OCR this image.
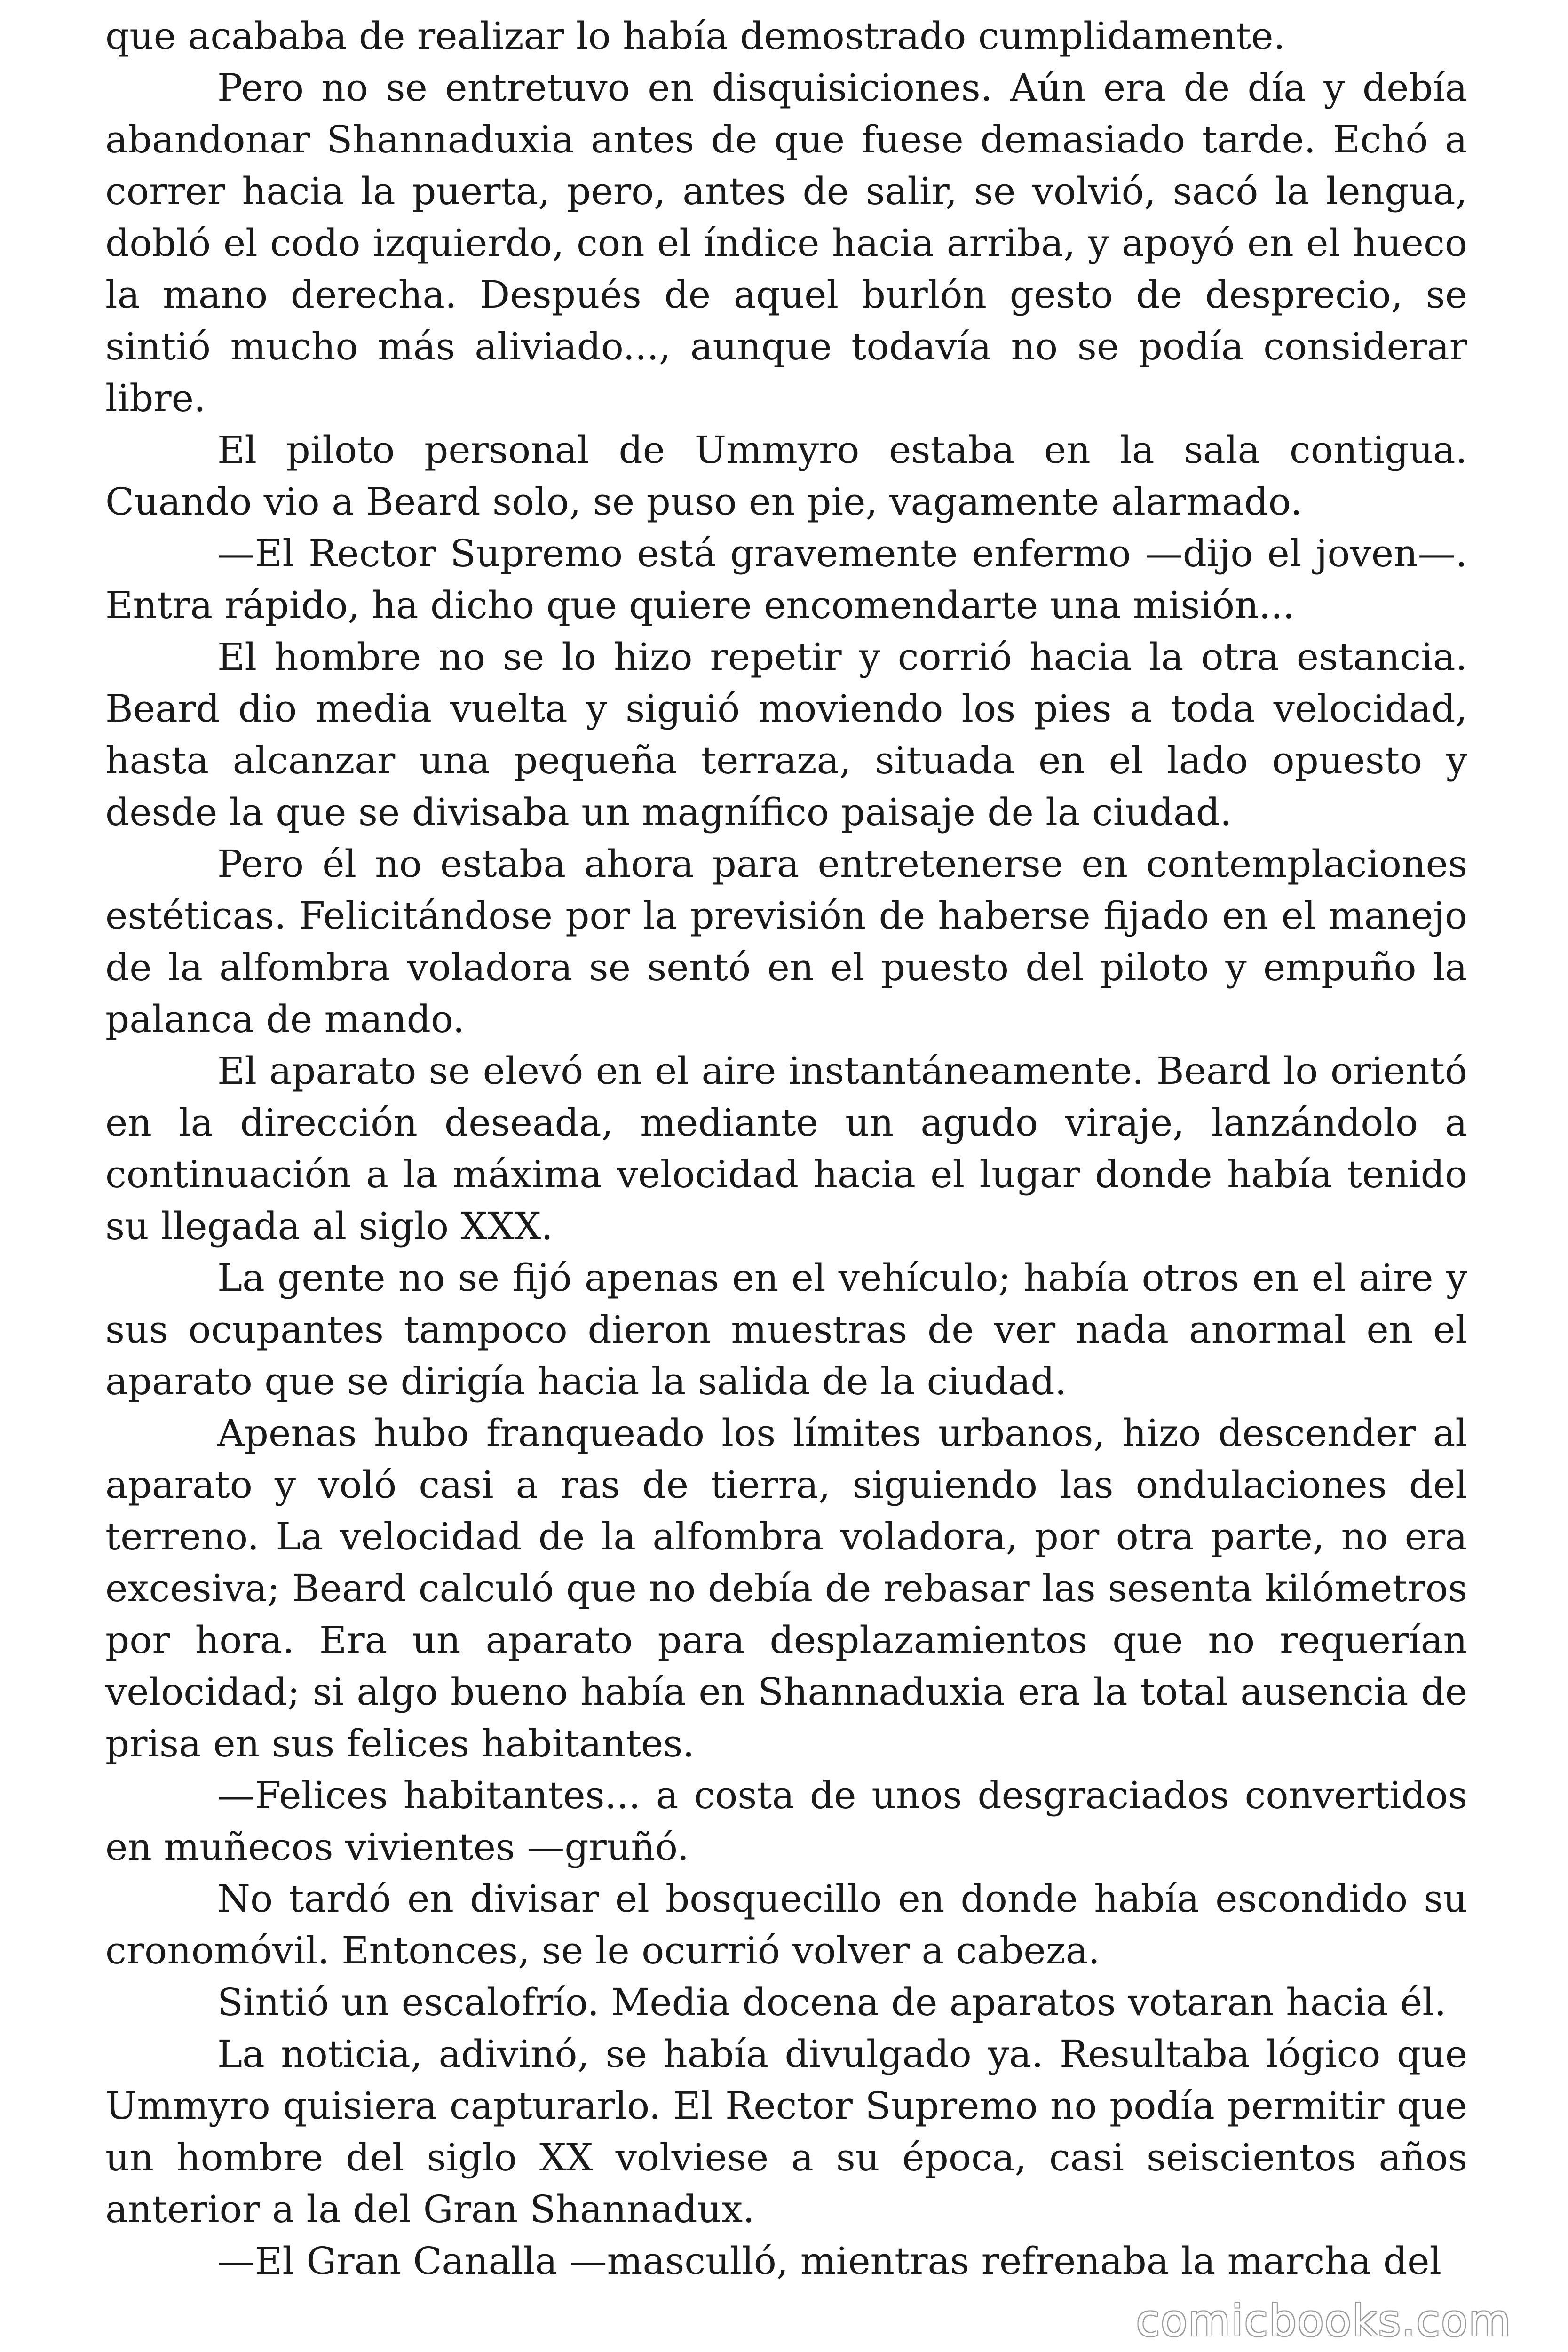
que acababa de realizar lo había demostrado cumplidamente.

Pero no se entretuvo en disquisiciones. Aún era de día y debía abandonar Shannaduxia antes de que fuese demasiado tarde. Echó a correr hacia la puerta, pero, antes de salir, se volvió, sacó la lengua, dobló el codo izquierdo, con el índice hacia arriba, y apoyó en el hueco la mano derecha. Después de aquel burlón gesto de desprecio, se sintió mucho más aliviado..., aunque todavía no se podía considerar libre.

El piloto personal de Ummyro estaba en la sala contigua. Cuando vio a Beard solo, se puso en pie, vagamente alarmado.

—El Rector Supremo está gravemente enfermo —dijo el joven—. Entra rápido, ha dicho que quiere encomendarte una misión...

El hombre no se lo hizo repetir y corrió hacia la otra estancia. Beard dio media vuelta y siguió moviendo los pies a toda velocidad, hasta alcanzar una pequeña terraza, situada en el lado opuesto y desde la que se divisaba un magnífico paisaje de la ciudad.

Pero él no estaba ahora para entretenerse en contemplaciones estéticas. Felicitándose por la previsión de haberse fijado en el manejo de la alfombra voladora se sentó en el puesto del piloto y empuño la palanca de mando.

El aparato se elevó en el aire instantáneamente. Beard lo orientó en la dirección deseada, mediante un agudo viraje, lanzándolo a continuación a la máxima velocidad hacia el lugar donde había tenido su llegada al siglo XXX.

La gente no se fijó apenas en el vehículo; había otros en el aire y sus ocupantes tampoco dieron muestras de ver nada anormal en el aparato que se dirigía hacia la salida de la ciudad.

Apenas hubo franqueado los límites urbanos, hizo descender al aparato y voló casi a ras de tierra, siguiendo las ondulaciones del terreno. La velocidad de la alfombra voladora, por otra parte, no era excesiva; Beard calculó que no debía de rebasar las sesenta kilómetros por hora. Era un aparato para desplazamientos que no requerían velocidad; si algo bueno había en Shannaduxia era la total ausencia de prisa en sus felices habitantes.

—Felices habitantes... a costa de unos desgraciados convertidos en muñecos vivientes —gruñó.

No tardó en divisar el bosquecillo en donde había escondido su cronomóvil. Entonces, se le ocurrió volver a cabeza.

Sintió un escalofrío. Media docena de aparatos votaran hacia él.

La noticia, adivinó, se había divulgado ya. Resultaba lógico que Ummyro quisiera capturarlo. El Rector Supremo no podía permitir que un hombre del siglo XX volviese a su época, casi seiscientos años anterior a la del Gran Shannadux.

—El Gran Canalla —masculló, mientras refrenaba la marcha del

comicbooks.com
